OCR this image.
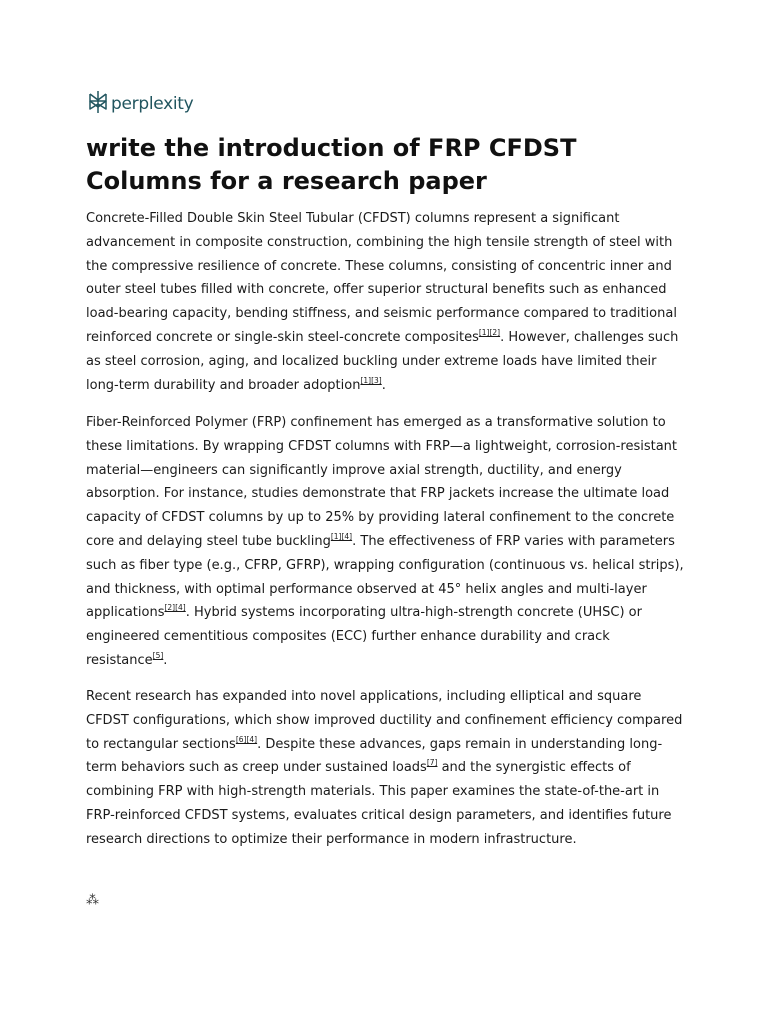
perplexity
write the introduction of FRP CFDST Columns for a research paper

Concrete-Filled Double Skin Steel Tubular (CFDST) columns represent a significant advancement in composite construction, combining the high tensile strength of steel with the compressive resilience of concrete. These columns, consisting of concentric inner and outer steel tubes filled with concrete, offer superior structural benefits such as enhanced load-bearing capacity, bending stiffness, and seismic performance compared to traditional reinforced concrete or single-skin steel-concrete composites[1][2]. However, challenges such as steel corrosion, aging, and localized buckling under extreme loads have limited their long-term durability and broader adoption[1][3].

Fiber-Reinforced Polymer (FRP) confinement has emerged as a transformative solution to these limitations. By wrapping CFDST columns with FRP—a lightweight, corrosion-resistant material—engineers can significantly improve axial strength, ductility, and energy absorption. For instance, studies demonstrate that FRP jackets increase the ultimate load capacity of CFDST columns by up to 25% by providing lateral confinement to the concrete core and delaying steel tube buckling[1][4]. The effectiveness of FRP varies with parameters such as fiber type (e.g., CFRP, GFRP), wrapping configuration (continuous vs. helical strips), and thickness, with optimal performance observed at 45° helix angles and multi-layer applications[2][4]. Hybrid systems incorporating ultra-high-strength concrete (UHSC) or engineered cementitious composites (ECC) further enhance durability and crack resistance[5].

Recent research has expanded into novel applications, including elliptical and square CFDST configurations, which show improved ductility and confinement efficiency compared to rectangular sections[6][4]. Despite these advances, gaps remain in understanding long-term behaviors such as creep under sustained loads[7] and the synergistic effects of combining FRP with high-strength materials. This paper examines the state-of-the-art in FRP-reinforced CFDST systems, evaluates critical design parameters, and identifies future research directions to optimize their performance in modern infrastructure.

⁂
